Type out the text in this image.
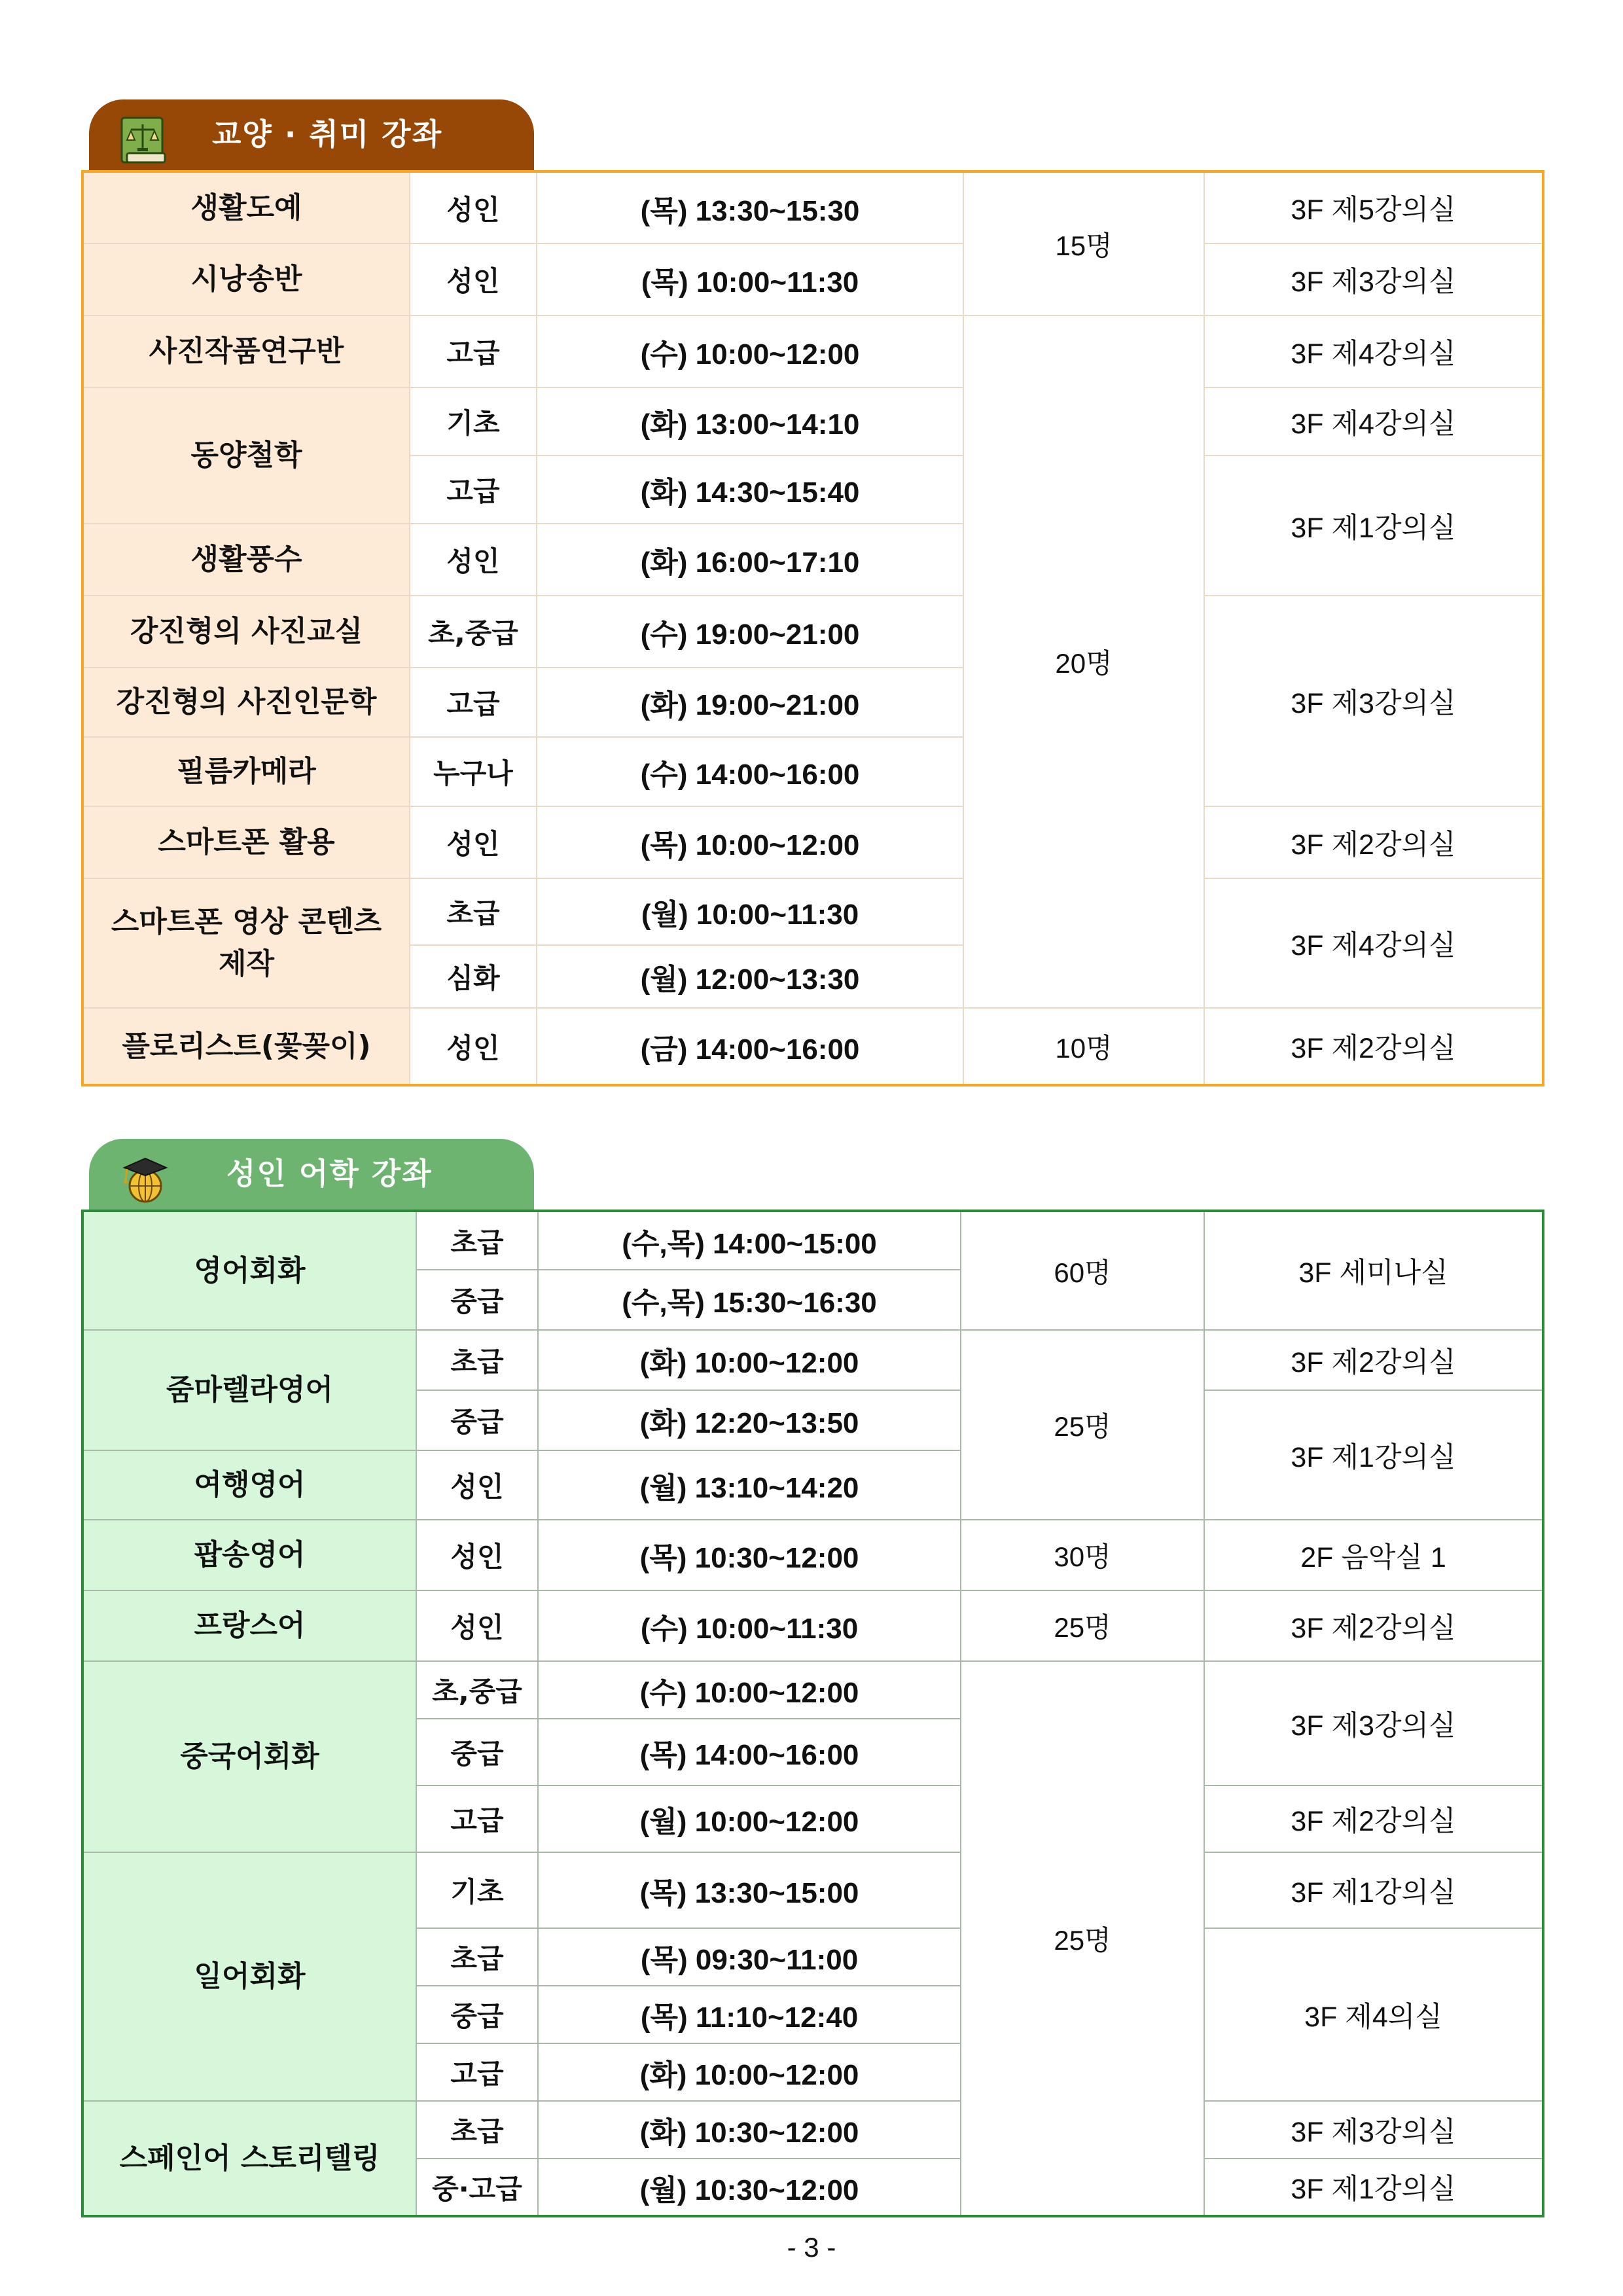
교양 · 취미 강좌
생활도예	성인	(목) 13:30~15:30	15명	3F 제5강의실
시낭송반	성인	(목) 10:00~11:30		3F 제3강의실
사진작품연구반	고급	(수) 10:00~12:00	20명	3F 제4강의실
동양철학	기초	(화) 13:00~14:10		3F 제4강의실
	고급	(화) 14:30~15:40		3F 제1강의실
생활풍수	성인	(화) 16:00~17:10		
강진형의 사진교실	초,중급	(수) 19:00~21:00		3F 제3강의실
강진형의 사진인문학	고급	(화) 19:00~21:00		
필름카메라	누구나	(수) 14:00~16:00		
스마트폰 활용	성인	(목) 10:00~12:00		3F 제2강의실
스마트폰 영상 콘텐츠 제작	초급	(월) 10:00~11:30		3F 제4강의실
	심화	(월) 12:00~13:30		
플로리스트(꽃꽂이)	성인	(금) 14:00~16:00	10명	3F 제2강의실
성인 어학 강좌
영어회화	초급	(수,목) 14:00~15:00	60명	3F 세미나실
	중급	(수,목) 15:30~16:30		
줌마렐라영어	초급	(화) 10:00~12:00	25명	3F 제2강의실
	중급	(화) 12:20~13:50		3F 제1강의실
여행영어	성인	(월) 13:10~14:20		
팝송영어	성인	(목) 10:30~12:00	30명	2F 음악실 1
프랑스어	성인	(수) 10:00~11:30	25명	3F 제2강의실
중국어회화	초,중급	(수) 10:00~12:00	25명	3F 제3강의실
	중급	(목) 14:00~16:00		
	고급	(월) 10:00~12:00		3F 제2강의실
일어회화	기초	(목) 13:30~15:00		3F 제1강의실
	초급	(목) 09:30~11:00		3F 제4의실
	중급	(목) 11:10~12:40		
	고급	(화) 10:00~12:00		
스페인어 스토리텔링	초급	(화) 10:30~12:00		3F 제3강의실
	중·고급	(월) 10:30~12:00		3F 제1강의실
- 3 -
